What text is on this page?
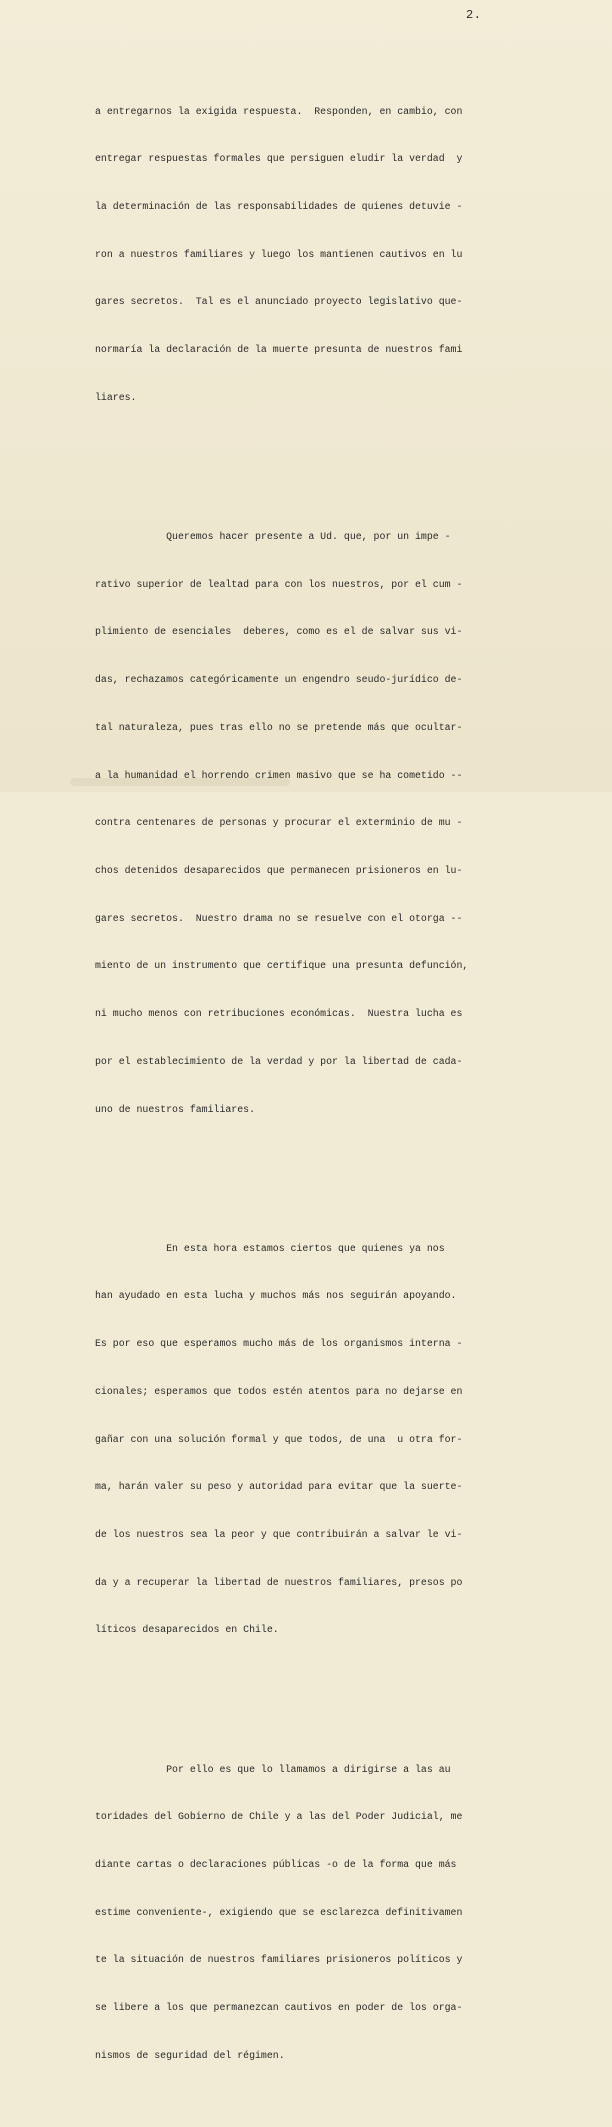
2.

a entregarnos la exigida respuesta.  Responden, en cambio, con

entregar respuestas formales que persiguen eludir la verdad  y

la determinación de las responsabilidades de quienes detuvie -

ron a nuestros familiares y luego los mantienen cautivos en lu

gares secretos.  Tal es el anunciado proyecto legislativo que-

normaría la declaración de la muerte presunta de nuestros fami

liares.

Queremos hacer presente a Ud. que, por un impe -

rativo superior de lealtad para con los nuestros, por el cum -

plimiento de esenciales  deberes, como es el de salvar sus vi-

das, rechazamos categóricamente un engendro seudo-jurídico de-

tal naturaleza, pues tras ello no se pretende más que ocultar-

a la humanidad el horrendo crimen masivo que se ha cometido --

contra centenares de personas y procurar el exterminio de mu -

chos detenidos desaparecidos que permanecen prisioneros en lu-

gares secretos.  Nuestro drama no se resuelve con el otorga --

miento de un instrumento que certifique una presunta defunción,

ni mucho menos con retribuciones económicas.  Nuestra lucha es

por el establecimiento de la verdad y por la libertad de cada-

uno de nuestros familiares.

En esta hora estamos ciertos que quienes ya nos

han ayudado en esta lucha y muchos más nos seguirán apoyando.

Es por eso que esperamos mucho más de los organismos interna -

cionales; esperamos que todos estén atentos para no dejarse en

gañar con una solución formal y que todos, de una  u otra for-

ma, harán valer su peso y autoridad para evitar que la suerte-

de los nuestros sea la peor y que contribuirán a salvar le vi-

da y a recuperar la libertad de nuestros familiares, presos po

líticos desaparecidos en Chile.

Por ello es que lo llamamos a dirigirse a las au

toridades del Gobierno de Chile y a las del Poder Judicial, me

diante cartas o declaraciones públicas -o de la forma que más

estime conveniente-, exigiendo que se esclarezca definitivamen

te la situación de nuestros familiares prisioneros políticos y

se libere a los que permanezcan cautivos en poder de los orga-

nismos de seguridad del régimen.
